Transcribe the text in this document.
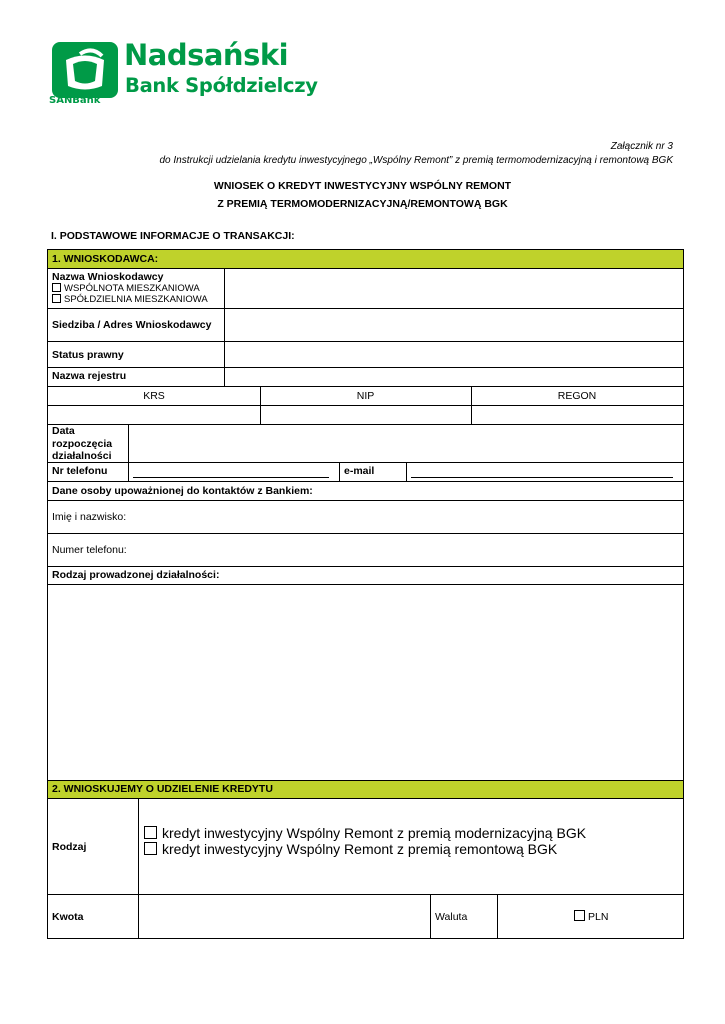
Nadsański
Bank Spółdzielczy
SANBank
Załącznik nr 3
do Instrukcji udzielania kredytu inwestycyjnego „Wspólny Remont” z premią termomodernizacyjną i remontową BGK
WNIOSEK O KREDYT INWESTYCYJNY WSPÓLNY REMONT
Z PREMIĄ TERMOMODERNIZACYJNĄ/REMONTOWĄ BGK
I. PODSTAWOWE INFORMACJE O TRANSAKCJI:
1. WNIOSKODAWCA:
Nazwa Wnioskodawcy
WSPÓLNOTA MIESZKANIOWA
SPÓŁDZIELNIA MIESZKANIOWA
Siedziba / Adres Wnioskodawcy
Status prawny
Nazwa rejestru
KRS	NIP	REGON
Data
rozpoczęcia
działalności
Nr telefonu	e-mail
Dane osoby upoważnionej do kontaktów z Bankiem:
Imię i nazwisko:
Numer telefonu:
Rodzaj prowadzonej działalności:
2. WNIOSKUJEMY O UDZIELENIE KREDYTU
Rodzaj
kredyt inwestycyjny Wspólny Remont z premią modernizacyjną BGK
kredyt inwestycyjny Wspólny Remont z premią remontową BGK
Kwota	Waluta	PLN
